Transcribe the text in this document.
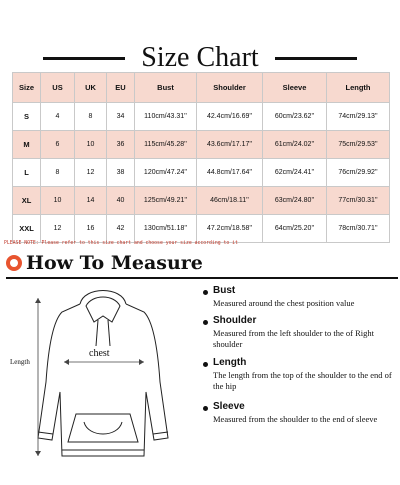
Size Chart
Size	US	UK	EU	Bust	Shoulder	Sleeve	Length
S	4	8	34	110cm/43.31''	42.4cm/16.69''	60cm/23.62''	74cm/29.13''
M	6	10	36	115cm/45.28''	43.6cm/17.17''	61cm/24.02''	75cm/29.53''
L	8	12	38	120cm/47.24''	44.8cm/17.64''	62cm/24.41''	76cm/29.92''
XL	10	14	40	125cm/49.21''	46cm/18.11''	63cm/24.80''	77cm/30.31''
XXL	12	16	42	130cm/51.18''	47.2cm/18.58''	64cm/25.20''	78cm/30.71''
PLEASE NOTE: Please refer to this size chart and choose your size according to it
How To Measure
chest
Length
Bust
Measured around the chest position value
Shoulder
Measured from the left shoulder to the of Right shoulder
Length
The length from the top of the shoulder to the end of the hip
Sleeve
Measured from the shoulder to the end of sleeve
